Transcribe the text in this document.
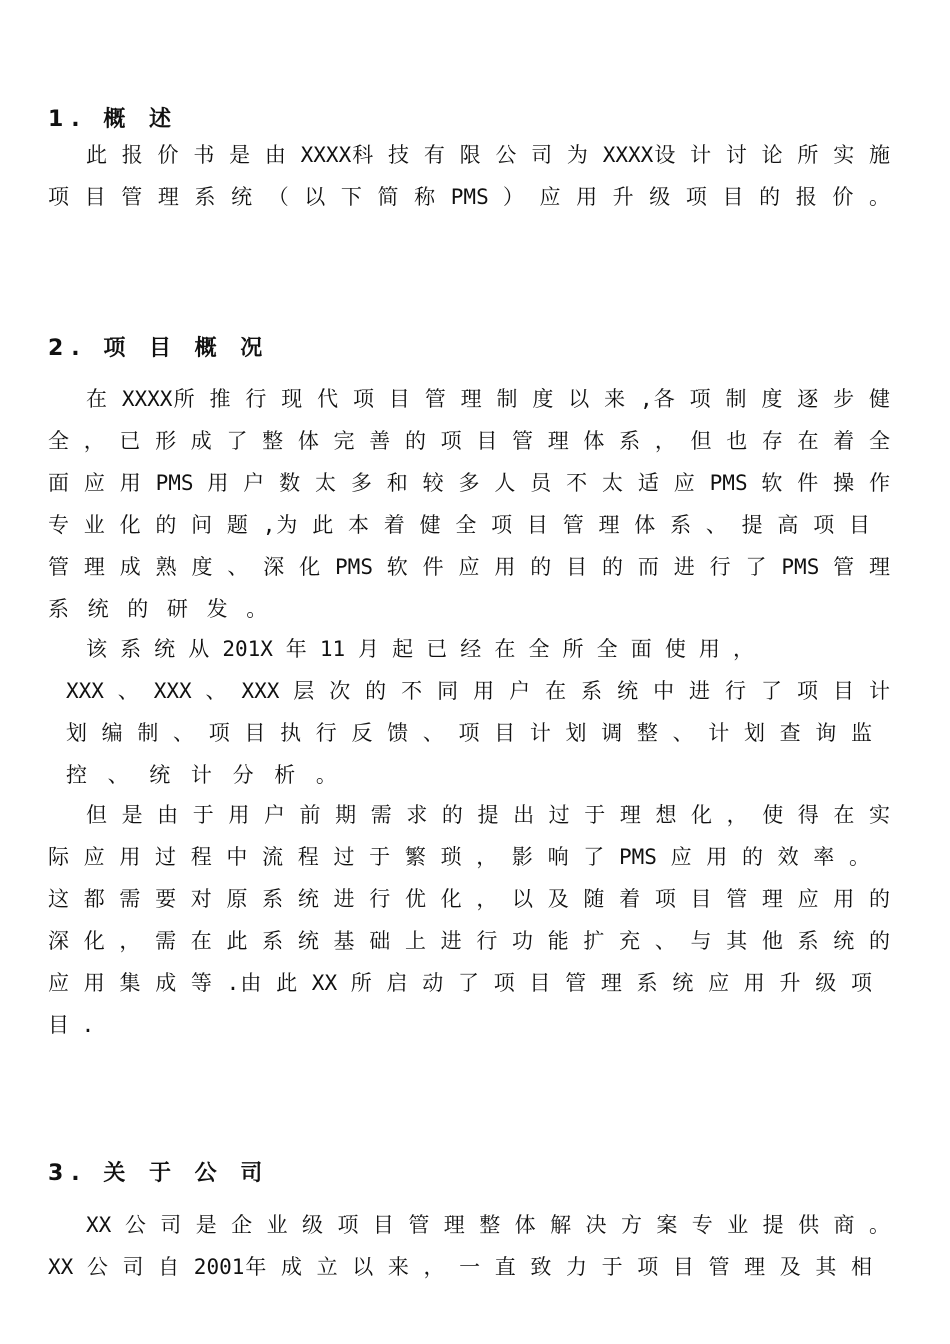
1. 概 述
此 报 价 书 是 由 XXXX科 技 有 限 公 司 为 XXXX设 计 讨 论 所 实 施
项 目 管 理 系 统 （ 以 下 简 称 PMS ） 应 用 升 级 项 目 的 报 价 。
2. 项 目 概 况
在 XXXX所 推 行 现 代 项 目 管 理 制 度 以 来 ,各 项 制 度 逐 步 健
全 ， 已 形 成 了 整 体 完 善 的 项 目 管 理 体 系 ， 但 也 存 在 着 全
面 应 用 PMS 用 户 数 太 多 和 较 多 人 员 不 太 适 应 PMS 软 件 操 作
专 业 化 的 问 题 ,为 此 本 着 健 全 项 目 管 理 体 系 、 提 高 项 目
管 理 成 熟 度 、 深 化 PMS 软 件 应 用 的 目 的 而 进 行 了 PMS 管 理
系 统 的 研 发 。
该 系 统 从 201X 年 11 月 起 已 经 在 全 所 全 面 使 用 ，
XXX 、 XXX 、 XXX 层 次 的 不 同 用 户 在 系 统 中 进 行 了 项 目 计
划 编 制 、 项 目 执 行 反 馈 、 项 目 计 划 调 整 、 计 划 查 询 监
控 、 统 计 分 析 。
但 是 由 于 用 户 前 期 需 求 的 提 出 过 于 理 想 化 ， 使 得 在 实
际 应 用 过 程 中 流 程 过 于 繁 琐 ， 影 响 了 PMS 应 用 的 效 率 。
这 都 需 要 对 原 系 统 进 行 优 化 ， 以 及 随 着 项 目 管 理 应 用 的
深 化 ， 需 在 此 系 统 基 础 上 进 行 功 能 扩 充 、 与 其 他 系 统 的
应 用 集 成 等 .由 此 XX 所 启 动 了 项 目 管 理 系 统 应 用 升 级 项
目 .
3. 关 于 公 司
XX 公 司 是 企 业 级 项 目 管 理 整 体 解 决 方 案 专 业 提 供 商 。
XX 公 司 自 2001年 成 立 以 来 ， 一 直 致 力 于 项 目 管 理 及 其 相
